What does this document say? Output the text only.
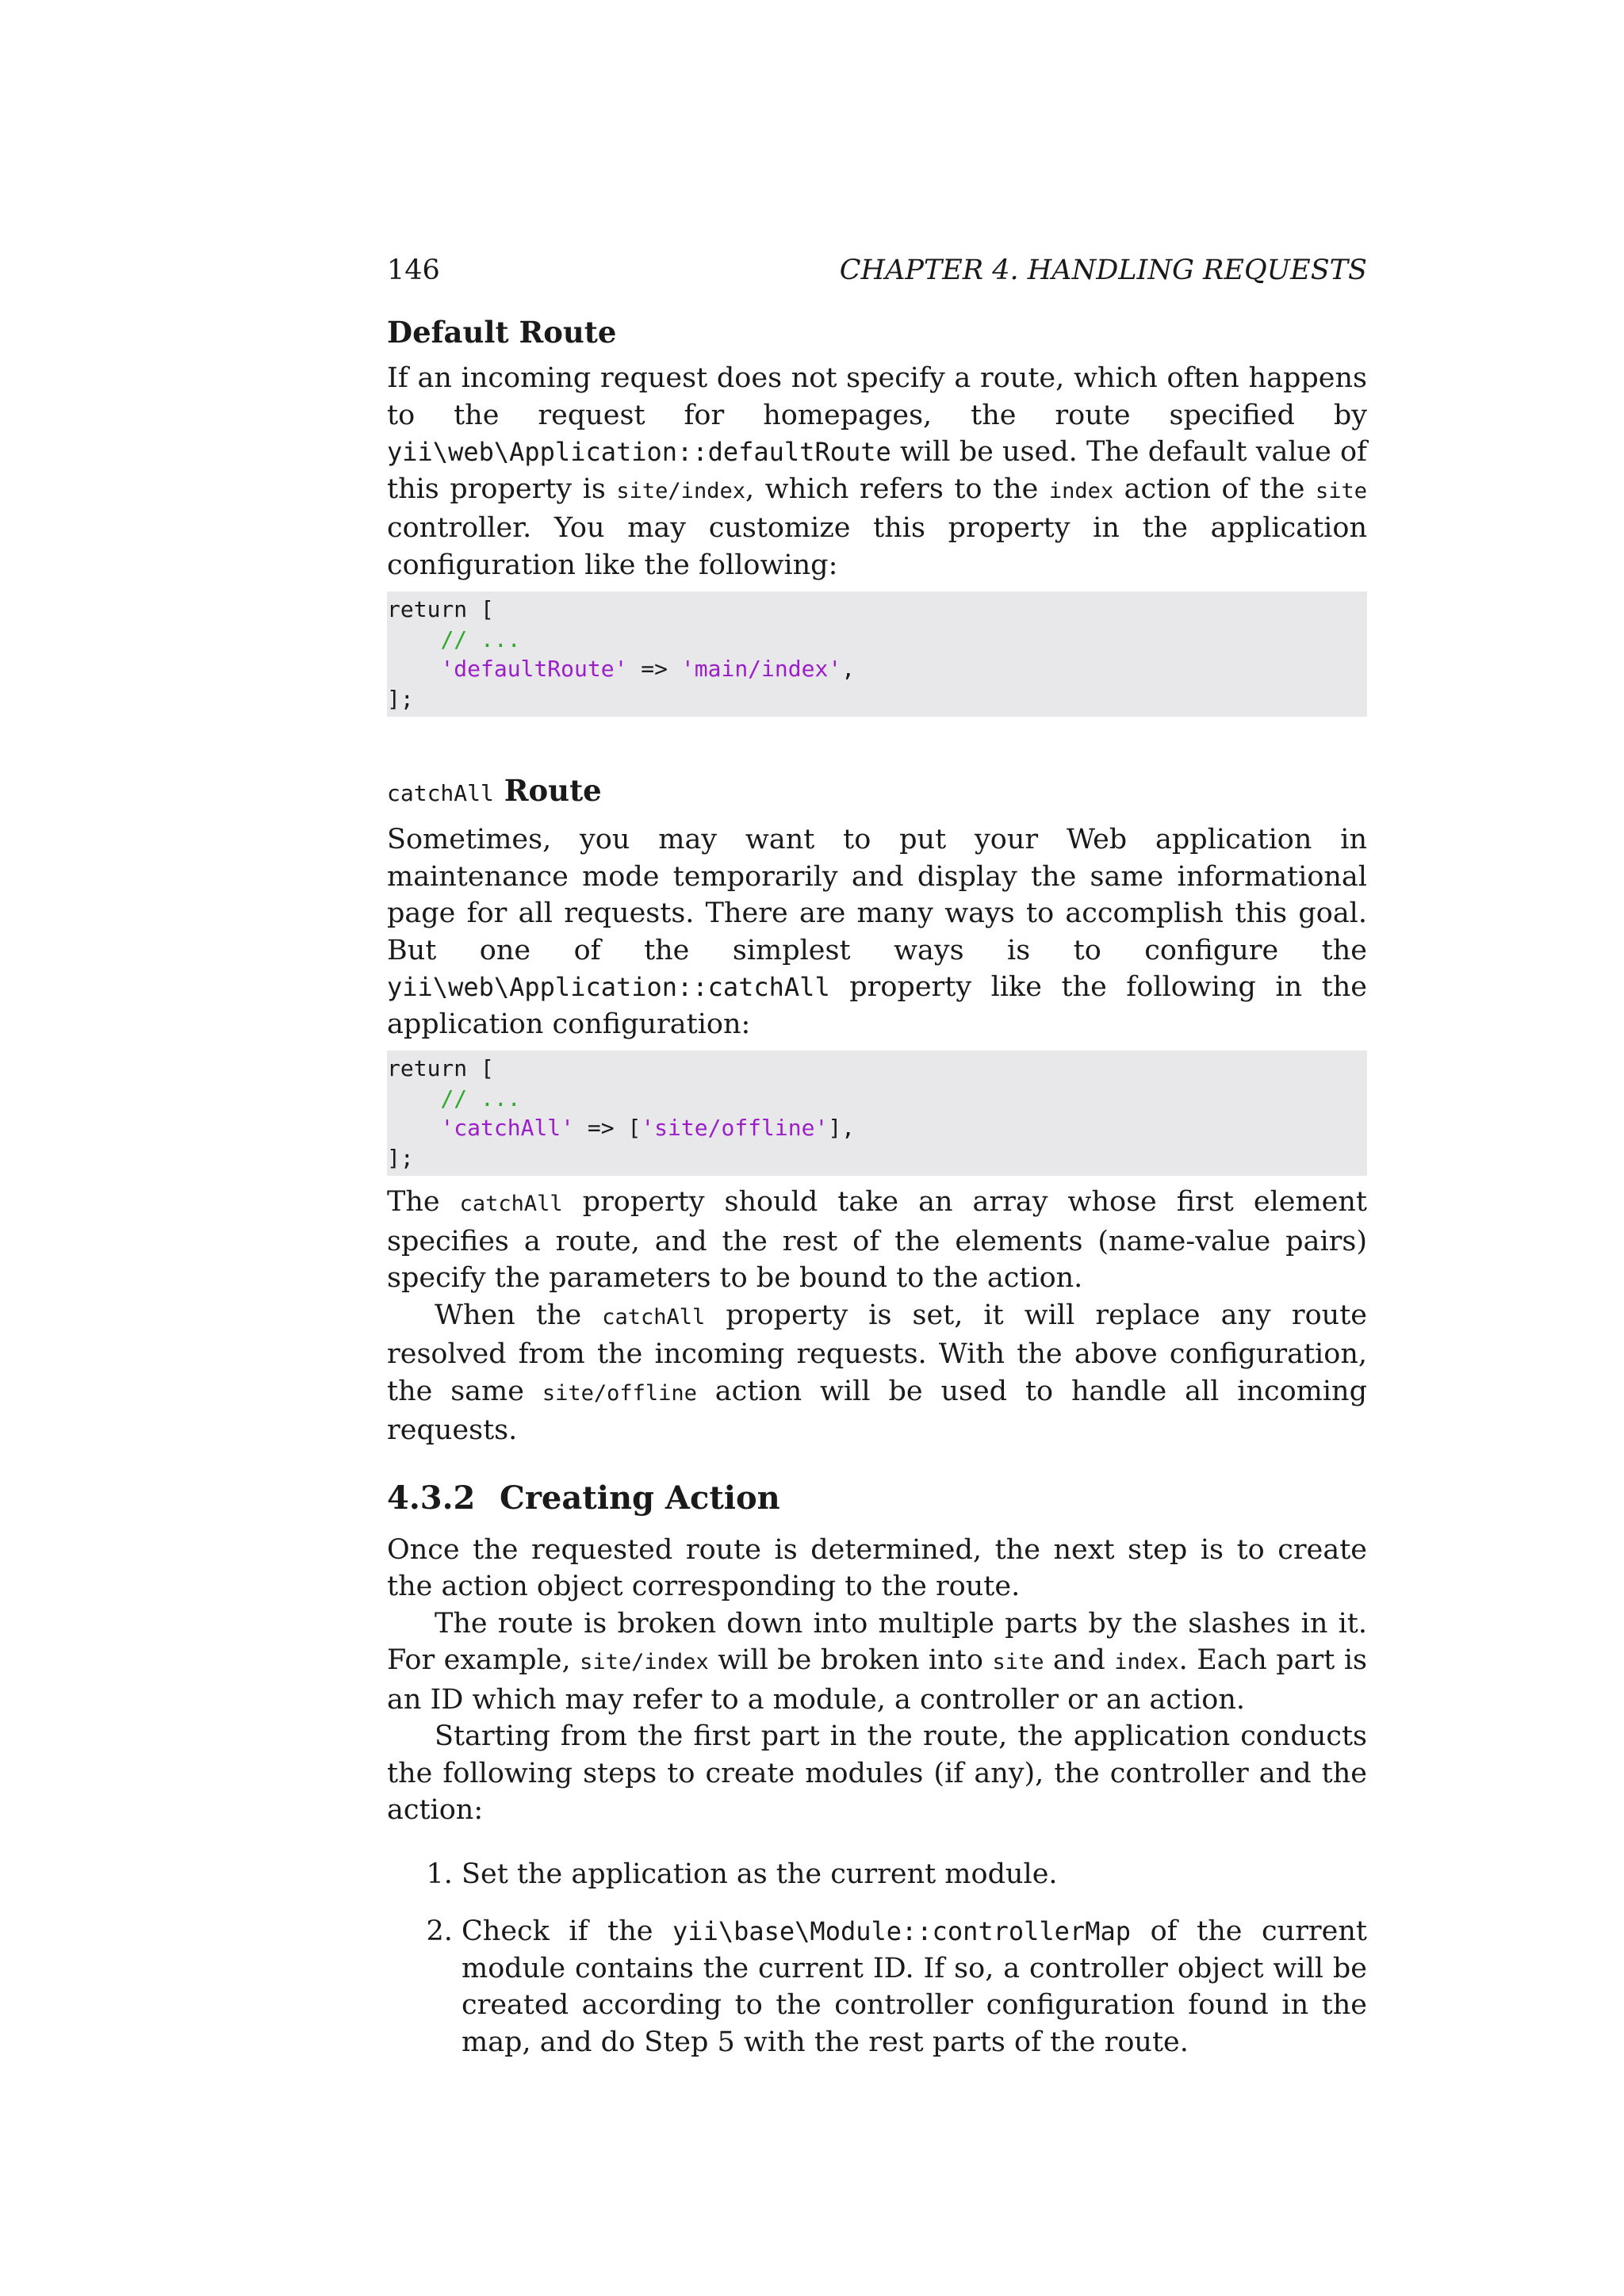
146	CHAPTER 4. HANDLING REQUESTS
Default Route

If an incoming request does not specify a route, which often happens to the request for homepages, the route specified by yii\web\Application::defaultRoute will be used. The default value of this property is site/index, which refers to the index action of the site controller. You may customize this property in the application configuration like the following:

return [
// ...
'defaultRoute' => 'main/index',
];
catchAll Route

Sometimes, you may want to put your Web application in maintenance mode temporarily and display the same informational page for all requests. There are many ways to accomplish this goal. But one of the simplest ways is to configure the yii\web\Application::catchAll property like the following in the application configuration:

return [
// ...
'catchAll' => ['site/offline'],
];

The catchAll property should take an array whose first element specifies a route, and the rest of the elements (name-value pairs) specify the parameters to be bound to the action.

When the catchAll property is set, it will replace any route resolved from the incoming requests. With the above configuration, the same site/offline action will be used to handle all incoming requests.

4.3.2 Creating Action

Once the requested route is determined, the next step is to create the action object corresponding to the route.

The route is broken down into multiple parts by the slashes in it. For example, site/index will be broken into site and index. Each part is an ID which may refer to a module, a controller or an action.

Starting from the first part in the route, the application conducts the following steps to create modules (if any), the controller and the action:

1. Set the application as the current module.
2. Check if the yii\base\Module::controllerMap of the current module contains the current ID. If so, a controller object will be created according to the controller configuration found in the map, and do Step 5 with the rest parts of the route.
